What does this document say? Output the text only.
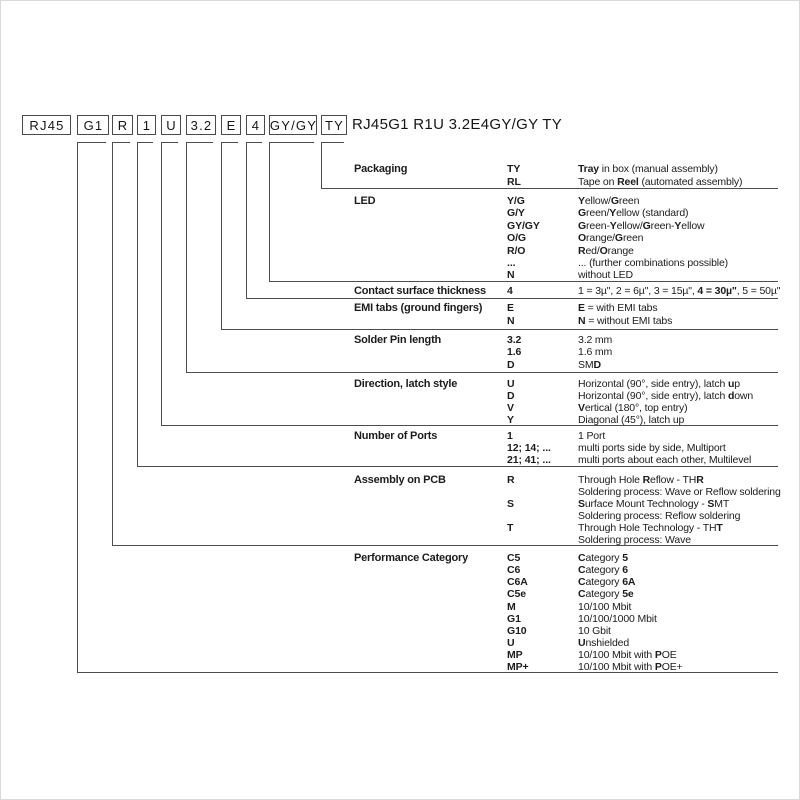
RJ45	G1	R	1	U	3.2	E	4 GY/GY TY RJ45G1 R1U 3.2E4GY/GY TY
Packaging	TY	Tray in box (manual assembly)
RL	Tape on Reel (automated assembly)
LED	Y/G	Yellow/Green
G/Y	Green/Yellow (standard)
GY/GY	Green-Yellow/Green-Yellow
O/G	Orange/Green
R/O	Red/Orange
...	... (further combinations possible)
N	without LED
Contact surface thickness 4	1 = 3µ", 2 = 6µ", 3 = 15µ", 4 = 30µ", 5 = 50µ"
EMI tabs (ground fingers) E	E = with EMI tabs
N	N = without EMI tabs
Solder Pin length	3.2	3.2 mm
1.6	1.6 mm
D	SMD
Direction, latch style	U	Horizontal (90°, side entry), latch up
D	Horizontal (90°, side entry), latch down
V	Vertical (180°, top entry)
Y	Diagonal (45°), latch up
Number of Ports	1	1 Port
12; 14; ...	multi ports side by side, Multiport
21; 41; ...	multi ports about each other, Multilevel
Assembly on PCB	R	Through Hole Reflow - THR
Soldering process: Wave or Reflow soldering
S	Surface Mount Technology - SMT
Soldering process: Reflow soldering
T	Through Hole Technology - THT
Soldering process: Wave
Performance Category	C5	Category 5
C6	Category 6
C6A	Category 6A
C5e	Category 5e
M	10/100 Mbit
G1	10/100/1000 Mbit
G10	10 Gbit
U	Unshielded
MP	10/100 Mbit with POE
MP+	10/100 Mbit with POE+
